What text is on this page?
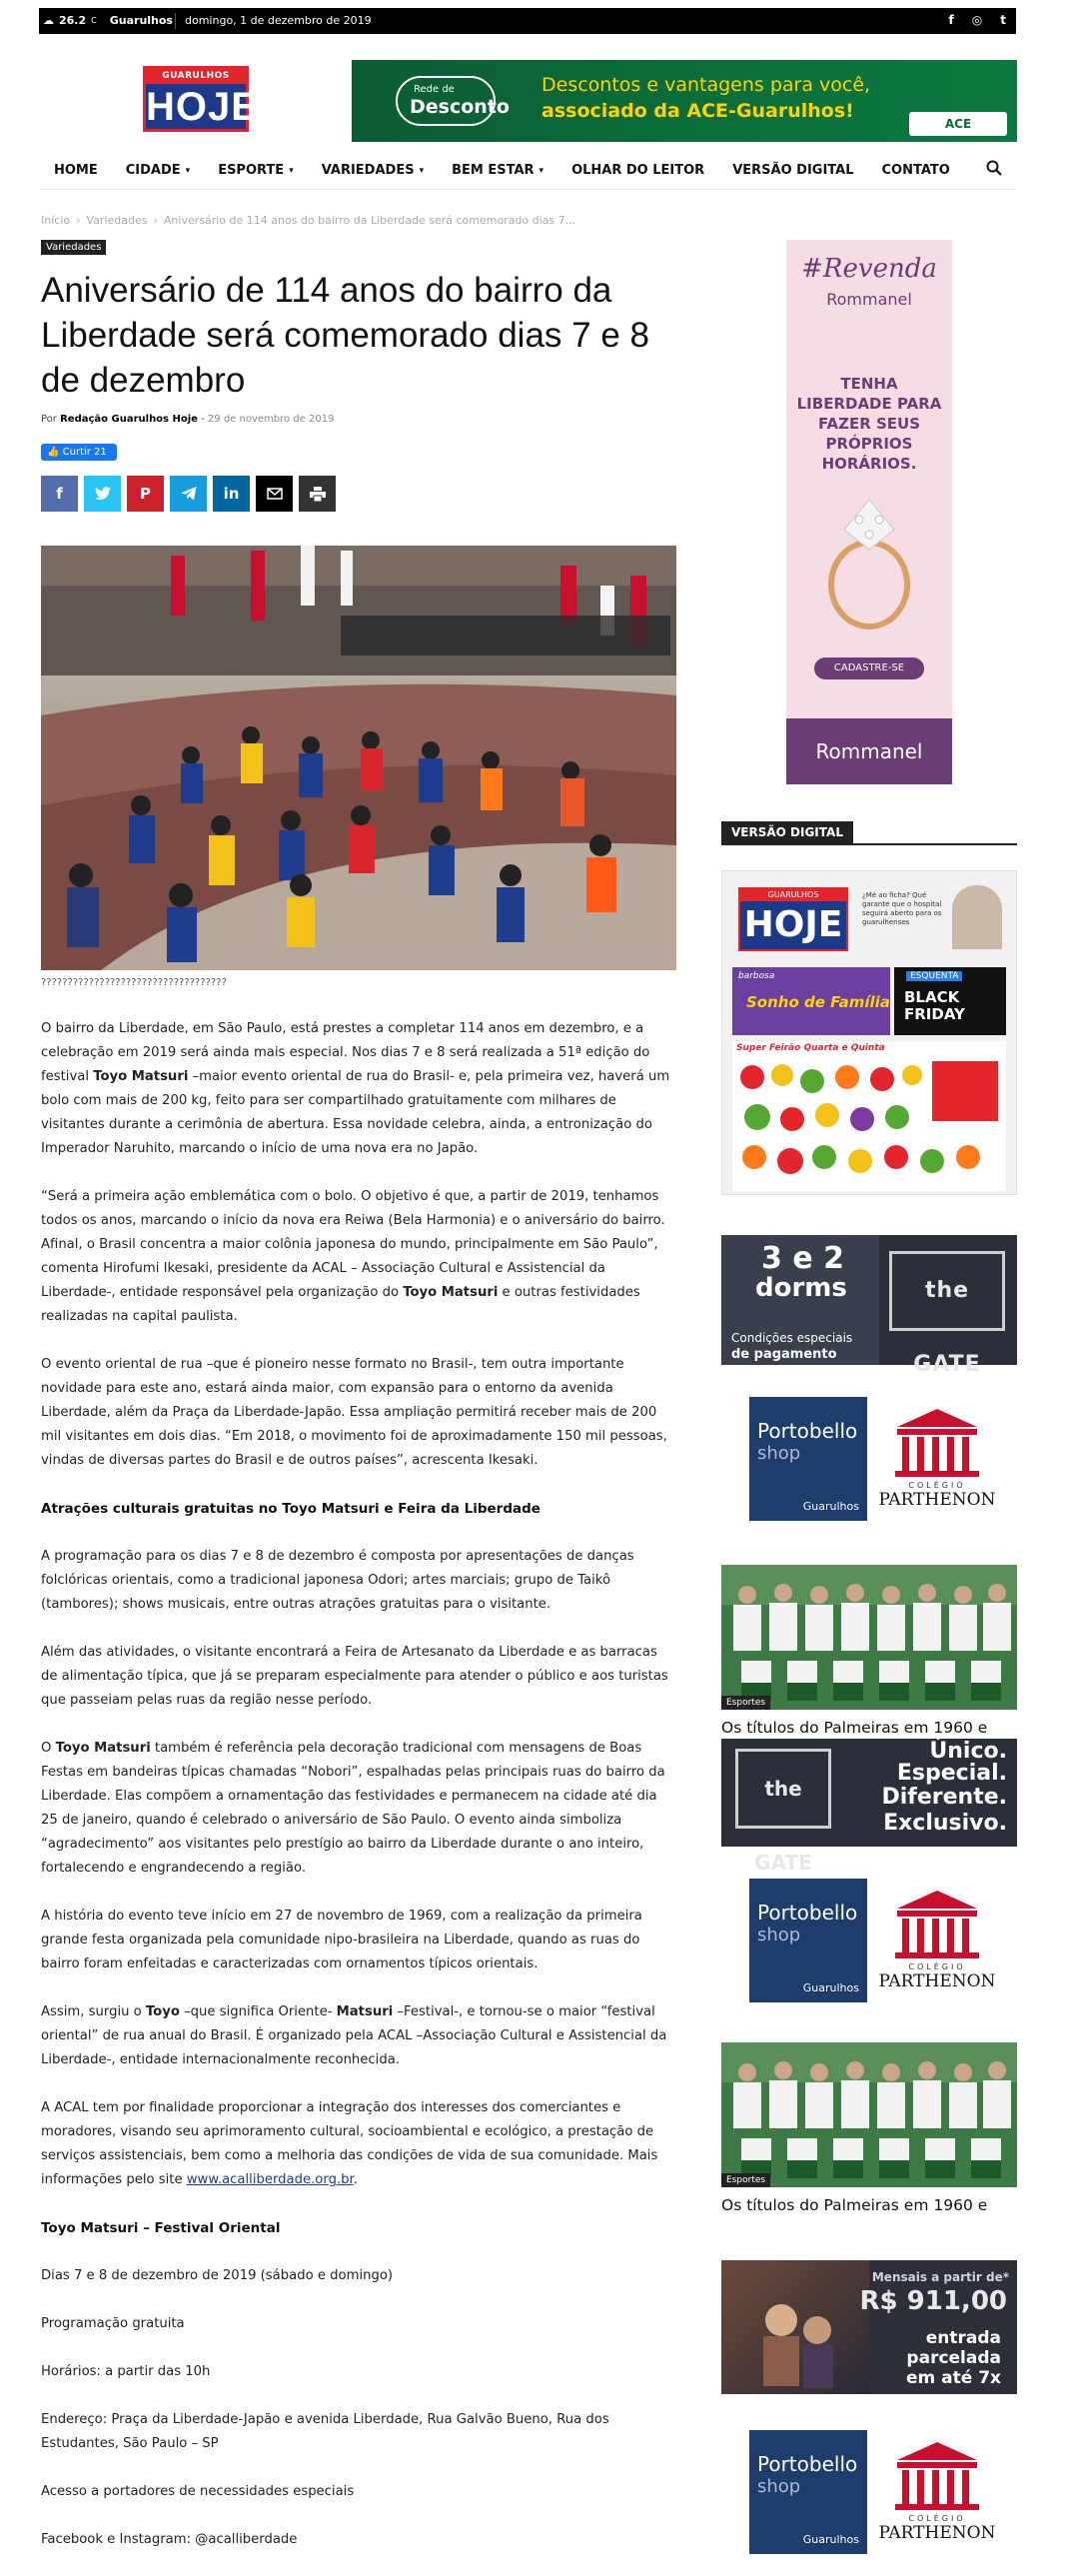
☁ 26.2 C Guarulhos domingo, 1 de dezembro de 2019	f ◎ t
GUARULHOS
HOJE	Rede de
Desconto
Descontos e vantagens para você,
associado da ACE-Guarulhos!
ACE
HOME CIDADE ▾ ESPORTE ▾ VARIEDADES ▾ BEM ESTAR ▾ OLHAR DO LEITOR VERSÃO DIGITAL CONTATO
Início › Variedades › Aniversário de 114 anos do bairro da Liberdade será comemorado dias 7...
Variedades
Aniversário de 114 anos do bairro da Liberdade será comemorado dias 7 e 8 de dezembro
Por Redação Guarulhos Hoje - 29 de novembro de 2019
👍 Curtir 21
f	P	in
???????????????????????????????????

O bairro da Liberdade, em São Paulo, está prestes a completar 114 anos em dezembro, e a celebração em 2019 será ainda mais especial. Nos dias 7 e 8 será realizada a 51ª edição do festival Toyo Matsuri –maior evento oriental de rua do Brasil- e, pela primeira vez, haverá um bolo com mais de 200 kg, feito para ser compartilhado gratuitamente com milhares de visitantes durante a cerimônia de abertura. Essa novidade celebra, ainda, a entronização do Imperador Naruhito, marcando o início de uma nova era no Japão.

“Será a primeira ação emblemática com o bolo. O objetivo é que, a partir de 2019, tenhamos todos os anos, marcando o início da nova era Reiwa (Bela Harmonia) e o aniversário do bairro. Afinal, o Brasil concentra a maior colônia japonesa do mundo, principalmente em São Paulo”, comenta Hirofumi Ikesaki, presidente da ACAL – Associação Cultural e Assistencial da Liberdade-, entidade responsável pela organização do Toyo Matsuri e outras festividades realizadas na capital paulista.

O evento oriental de rua –que é pioneiro nesse formato no Brasil-, tem outra importante novidade para este ano, estará ainda maior, com expansão para o entorno da avenida Liberdade, além da Praça da Liberdade-Japão. Essa ampliação permitirá receber mais de 200 mil visitantes em dois dias. “Em 2018, o movimento foi de aproximadamente 150 mil pessoas, vindas de diversas partes do Brasil e de outros países”, acrescenta Ikesaki.

Atrações culturais gratuitas no Toyo Matsuri e Feira da Liberdade

A programação para os dias 7 e 8 de dezembro é composta por apresentações de danças folclóricas orientais, como a tradicional japonesa Odori; artes marciais; grupo de Taikô (tambores); shows musicais, entre outras atrações gratuitas para o visitante.

Além das atividades, o visitante encontrará a Feira de Artesanato da Liberdade e as barracas de alimentação típica, que já se preparam especialmente para atender o público e aos turistas que passeiam pelas ruas da região nesse período.

O Toyo Matsuri também é referência pela decoração tradicional com mensagens de Boas Festas em bandeiras típicas chamadas “Nobori”, espalhadas pelas principais ruas do bairro da Liberdade. Elas compõem a ornamentação das festividades e permanecem na cidade até dia 25 de janeiro, quando é celebrado o aniversário de São Paulo. O evento ainda simboliza “agradecimento” aos visitantes pelo prestígio ao bairro da Liberdade durante o ano inteiro, fortalecendo e engrandecendo a região.

A história do evento teve início em 27 de novembro de 1969, com a realização da primeira grande festa organizada pela comunidade nipo-brasileira na Liberdade, quando as ruas do bairro foram enfeitadas e caracterizadas com ornamentos típicos orientais.

Assim, surgiu o Toyo –que significa Oriente- Matsuri –Festival-, e tornou-se o maior “festival oriental” de rua anual do Brasil. É organizado pela ACAL –Associação Cultural e Assistencial da Liberdade-, entidade internacionalmente reconhecida.

A ACAL tem por finalidade proporcionar a integração dos interesses dos comerciantes e moradores, visando seu aprimoramento cultural, socioambiental e ecológico, a prestação de serviços assistenciais, bem como a melhoria das condições de vida de sua comunidade. Mais informações pelo site www.acalliberdade.org.br.

Toyo Matsuri – Festival Oriental

Dias 7 e 8 de dezembro de 2019 (sábado e domingo)

Programação gratuita

Horários: a partir das 10h

Endereço: Praça da Liberdade-Japão e avenida Liberdade, Rua Galvão Bueno, Rua dos Estudantes, São Paulo – SP

Acesso a portadores de necessidades especiais

Facebook e Instagram: @acalliberdade

#Revenda
Rommanel
TENHA LIBERDADE PARA FAZER SEUS PRÓPRIOS HORÁRIOS.
CADASTRE-SE
Rommanel
VERSÃO DIGITAL
GUARULHOS
HOJE
¿Mé ao ficha? Qué garante que o hospital seguirá aberto para os guarulhenses
barbosa
Sonho de Família
ESQUENTA
BLACK FRIDAY
Super Feirão Quarta e Quinta
3 e 2
dorms
Condições especiais
de pagamento
the GATE
Portobello
shop
Guarulhos
COLÉGIO
PARTHENON
Esportes
Os títulos do Palmeiras em 1960 e
the GATE
Único.
Especial.
Diferente.
Exclusivo.
Portobello
shop
Guarulhos
COLÉGIO
PARTHENON
Esportes
Os títulos do Palmeiras em 1960 e
Mensais a partir de*
R$ 911,00
entrada
parcelada
em até 7x
Portobello
shop
Guarulhos
COLÉGIO
PARTHENON
